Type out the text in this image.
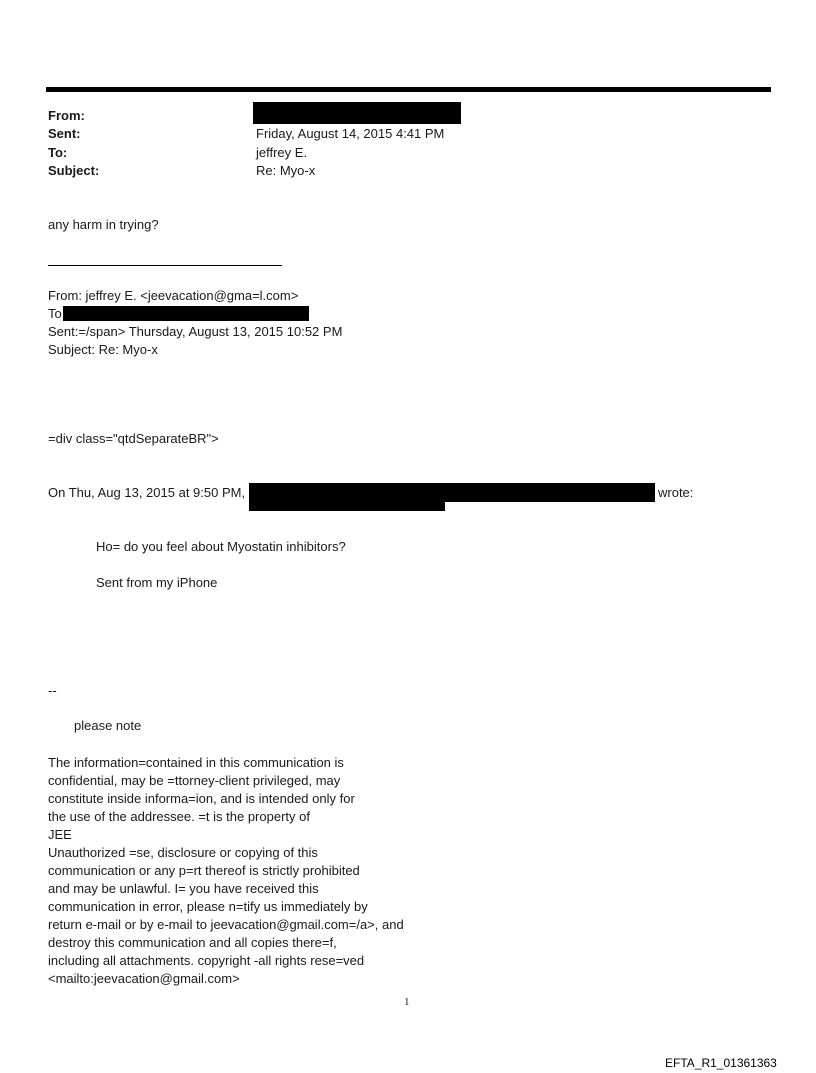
From:
Sent:	Friday, August 14, 2015 4:41 PM
To:	jeffrey E.
Subject:	Re: Myo-x
any harm in trying?
From: jeffrey E. <jeevacation@gma=l.com>
To
Sent:=/span> Thursday, August 13, 2015 10:52 PM
Subject: Re: Myo-x
=div class="qtdSeparateBR">
On Thu, Aug 13, 2015 at 9:50 PM,	wrote:
Ho= do you feel about Myostatin inhibitors?
Sent from my iPhone
--
please note
The information=contained in this communication is
confidential, may be =ttorney-client privileged, may
constitute inside informa=ion, and is intended only for
the use of the addressee. =t is the property of
JEE
Unauthorized =se, disclosure or copying of this
communication or any p=rt thereof is strictly prohibited
and may be unlawful. I= you have received this
communication in error, please n=tify us immediately by
return e-mail or by e-mail to jeevacation@gmail.com=/a>, and
destroy this communication and all copies there=f,
including all attachments. copyright -all rights rese=ved
<mailto:jeevacation@gmail.com>
1
EFTA_R1_01361363
